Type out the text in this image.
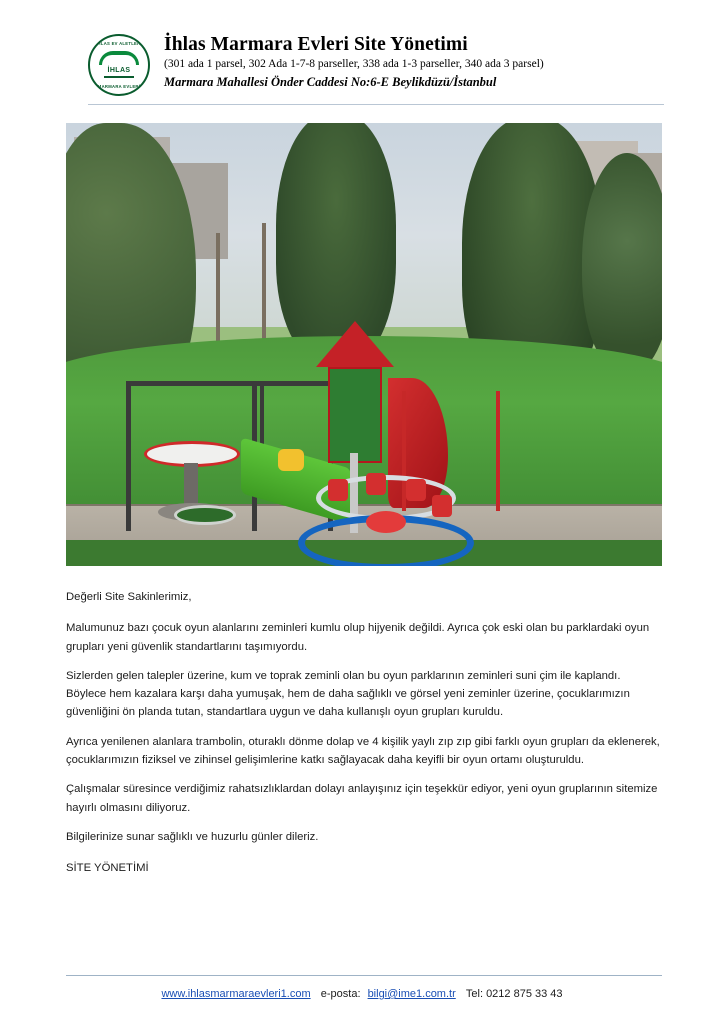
İHLAS EV ALETLERİ
İHLAS
MARMARA EVLERİ
İhlas Marmara Evleri Site Yönetimi
(301 ada 1 parsel, 302 Ada 1-7-8 parseller, 338 ada 1-3 parseller, 340 ada 3 parsel)
Marmara Mahallesi Önder Caddesi No:6-E Beylikdüzü/İstanbul

Değerli Site Sakinlerimiz,

Malumunuz bazı çocuk oyun alanlarını zeminleri kumlu olup hijyenik değildi. Ayrıca çok eski olan bu parklardaki oyun grupları yeni güvenlik standartlarını taşımıyordu.

Sizlerden gelen talepler üzerine, kum ve toprak zeminli olan bu oyun parklarının zeminleri suni çim ile kaplandı. Böylece hem kazalara karşı daha yumuşak, hem de daha sağlıklı ve görsel yeni zeminler üzerine, çocuklarımızın güvenliğini ön planda tutan, standartlara uygun ve daha kullanışlı oyun grupları kuruldu.

Ayrıca yenilenen alanlara trambolin, oturaklı dönme dolap ve 4 kişilik yaylı zıp zıp gibi farklı oyun grupları da eklenerek, çocuklarımızın fiziksel ve zihinsel gelişimlerine katkı sağlayacak daha keyifli bir oyun ortamı oluşturuldu.

Çalışmalar süresince verdiğimiz rahatsızlıklardan dolayı anlayışınız için teşekkür ediyor, yeni oyun gruplarının sitemize hayırlı olmasını diliyoruz.

Bilgilerinize sunar sağlıklı ve huzurlu günler dileriz.

SİTE YÖNETİMİ

www.ihlasmarmaraevleri1.com e-posta: bilgi@ime1.com.tr Tel: 0212 875 33 43
